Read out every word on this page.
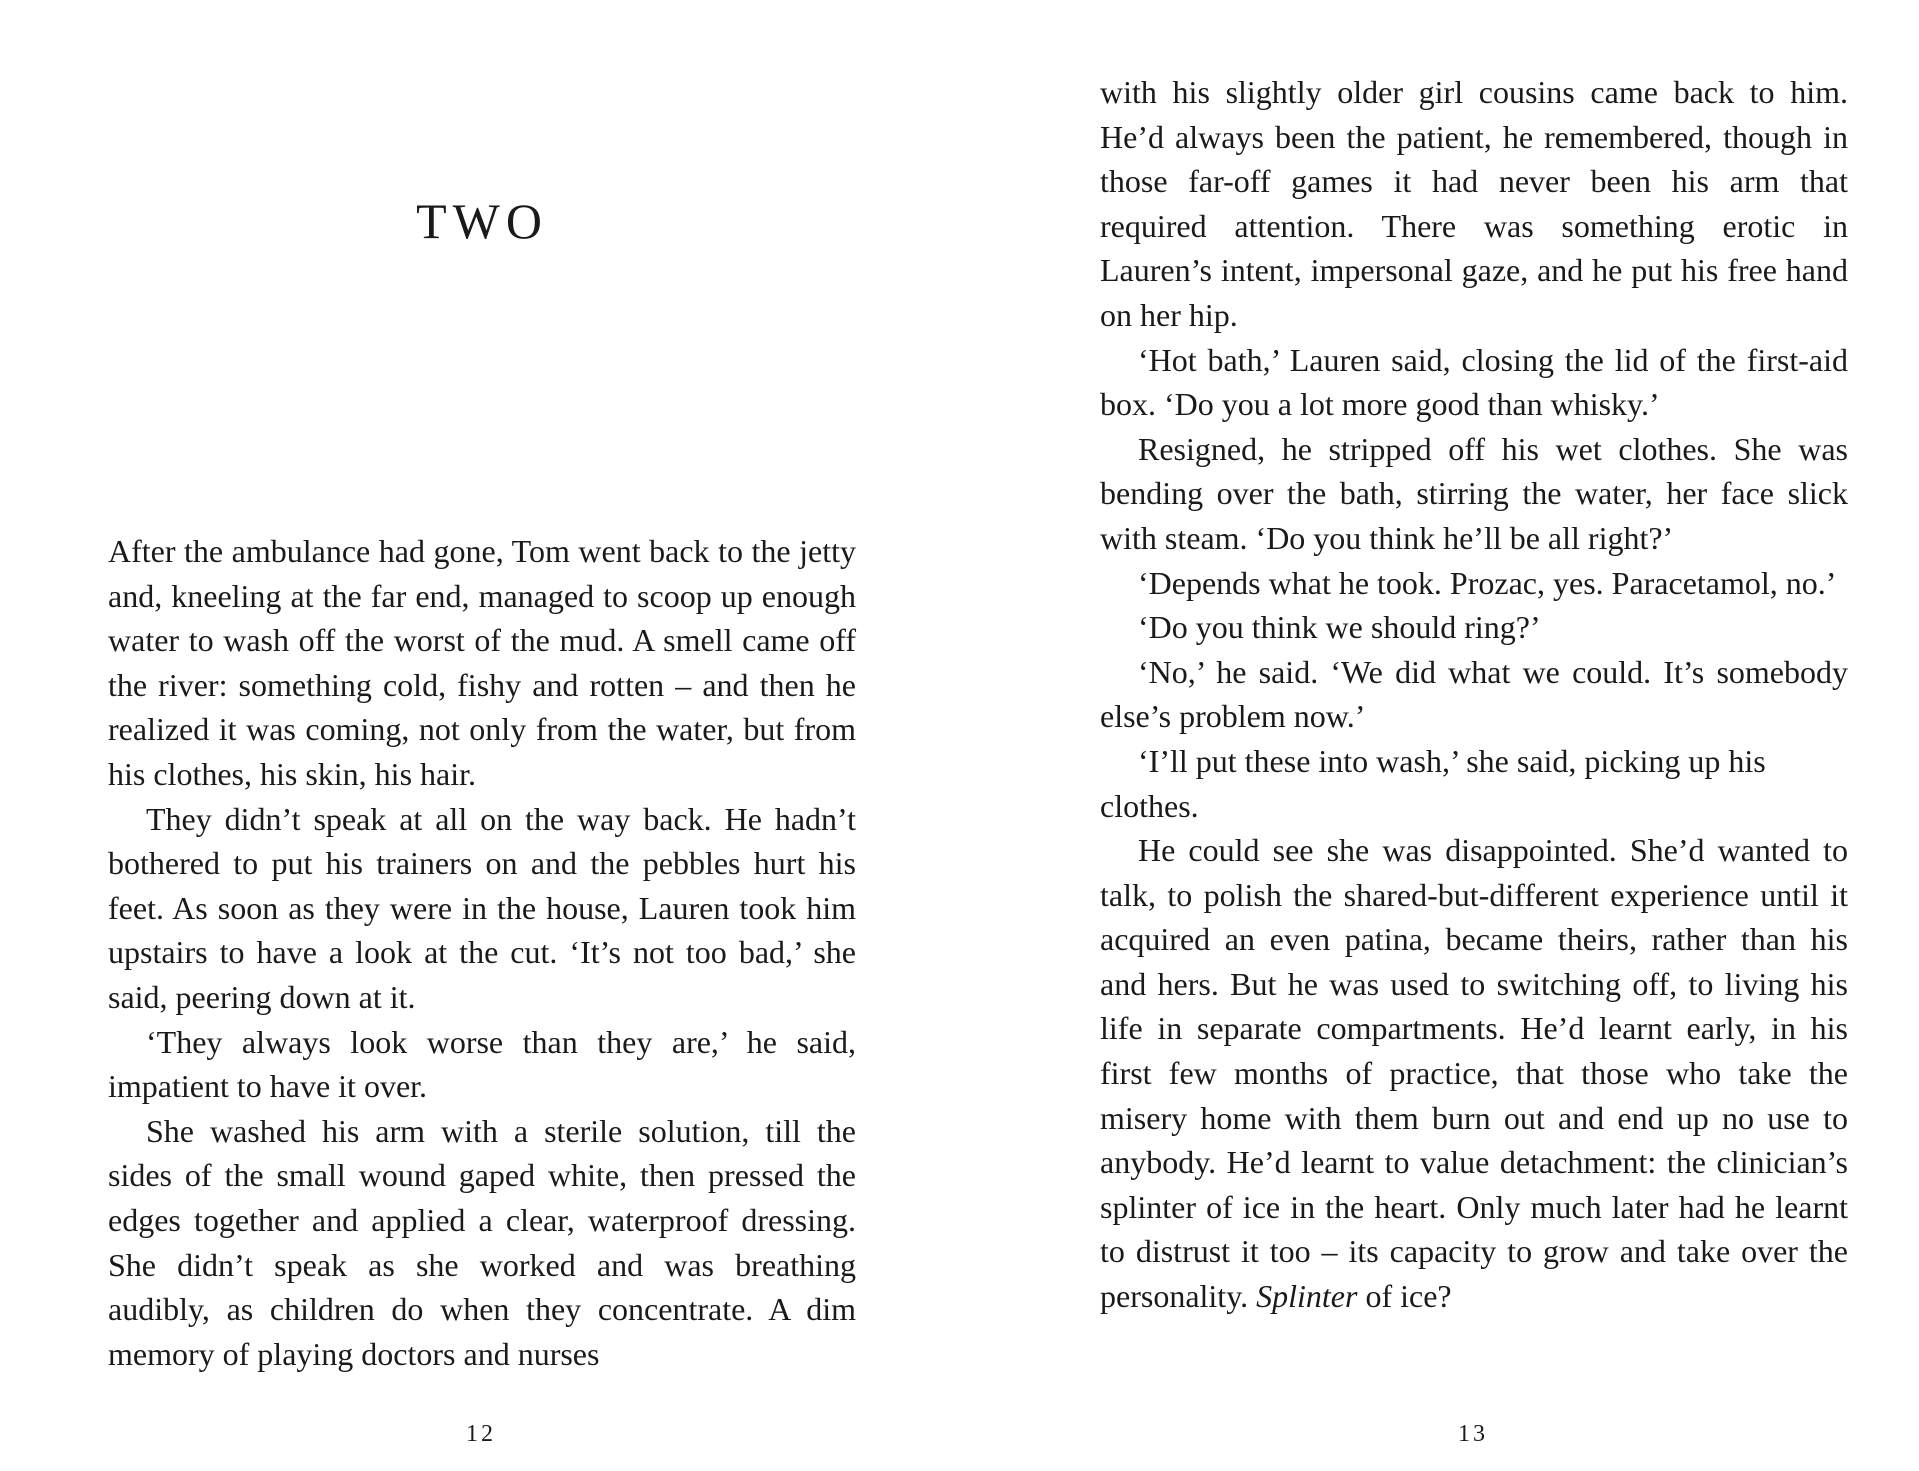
TWO

After the ambulance had gone, Tom went back to the jetty and, kneeling at the far end, managed to scoop up enough water to wash off the worst of the mud. A smell came off the river: something cold, fishy and rotten – and then he realized it was coming, not only from the water, but from his clothes, his skin, his hair.

They didn’t speak at all on the way back. He hadn’t bothered to put his trainers on and the pebbles hurt his feet. As soon as they were in the house, Lauren took him upstairs to have a look at the cut. ‘It’s not too bad,’ she said, peering down at it.

‘They always look worse than they are,’ he said, impatient to have it over.

She washed his arm with a sterile solution, till the sides of the small wound gaped white, then pressed the edges together and applied a clear, waterproof dressing. She didn’t speak as she worked and was breathing audibly, as children do when they concentrate. A dim memory of playing doctors and nurses

12

with his slightly older girl cousins came back to him. He’d always been the patient, he remembered, though in those far-off games it had never been his arm that required attention. There was something erotic in Lauren’s intent, impersonal gaze, and he put his free hand on her hip.

‘Hot bath,’ Lauren said, closing the lid of the first-aid box. ‘Do you a lot more good than whisky.’

Resigned, he stripped off his wet clothes. She was bending over the bath, stirring the water, her face slick with steam. ‘Do you think he’ll be all right?’

‘Depends what he took. Prozac, yes. Paracetamol, no.’

‘Do you think we should ring?’

‘No,’ he said. ‘We did what we could. It’s somebody else’s problem now.’

‘I’ll put these into wash,’ she said, picking up his clothes.

He could see she was disappointed. She’d wanted to talk, to polish the shared-but-different experience until it acquired an even patina, became theirs, rather than his and hers. But he was used to switching off, to living his life in separate compartments. He’d learnt early, in his first few months of practice, that those who take the misery home with them burn out and end up no use to anybody. He’d learnt to value detachment: the clinician’s splinter of ice in the heart. Only much later had he learnt to distrust it too – its capacity to grow and take over the personality. Splinter of ice?

13
